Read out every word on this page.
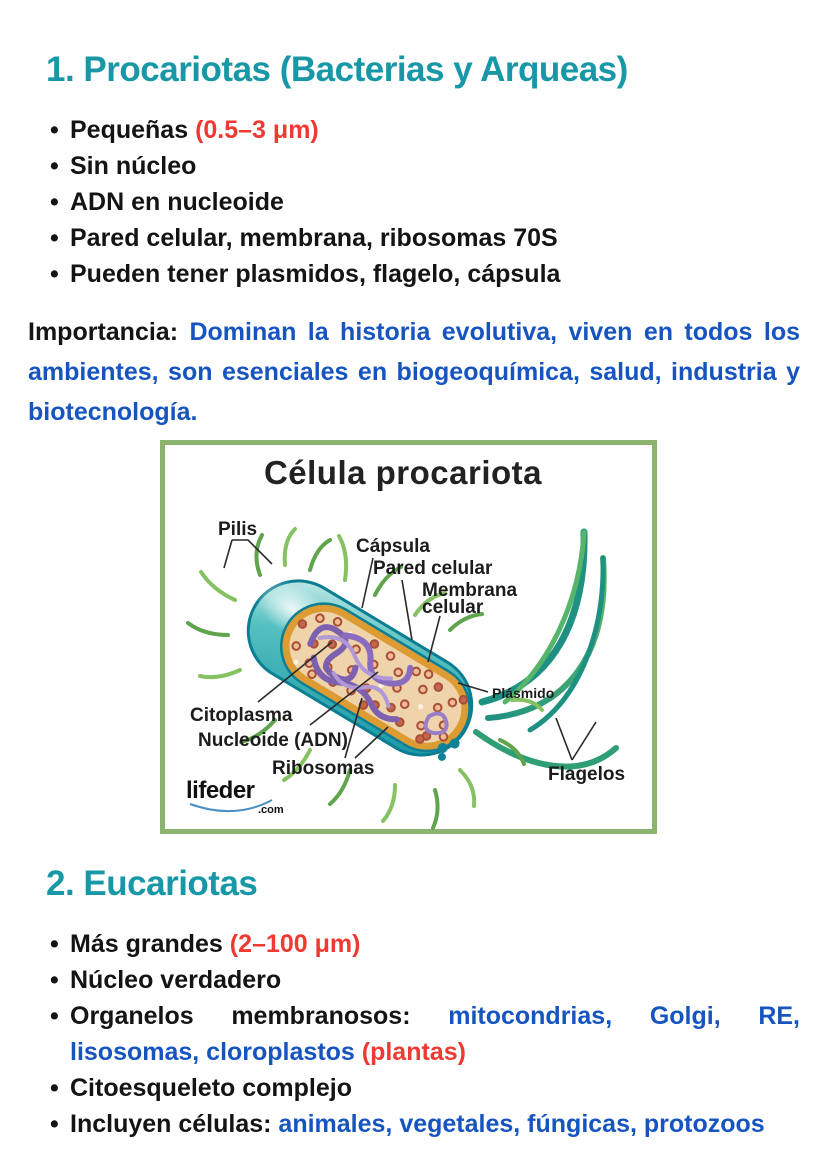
1. Procariotas (Bacterias y Arqueas)
• Pequeñas (0.5–3 μm)
• Sin núcleo
• ADN en nucleoide
• Pared celular, membrana, ribosomas 70S
• Pueden tener plasmidos, flagelo, cápsula

Importancia: Dominan la historia evolutiva, viven en todos los ambientes, son esenciales en biogeoquímica, salud, industria y biotecnología.

Célula procariota
Pilis
Cápsula
Pared celular
Membrana
celular
Plásmido
Citoplasma
Nucleoide (ADN)
Ribosomas	Flagelos
lifeder
.com
2. Eucariotas
• Más grandes (2–100 μm)
• Núcleo verdadero
• Organelos membranosos: mitocondrias, Golgi, RE, lisosomas, cloroplastos (plantas)
• Citoesqueleto complejo
• Incluyen células: animales, vegetales, fúngicas, protozoos
